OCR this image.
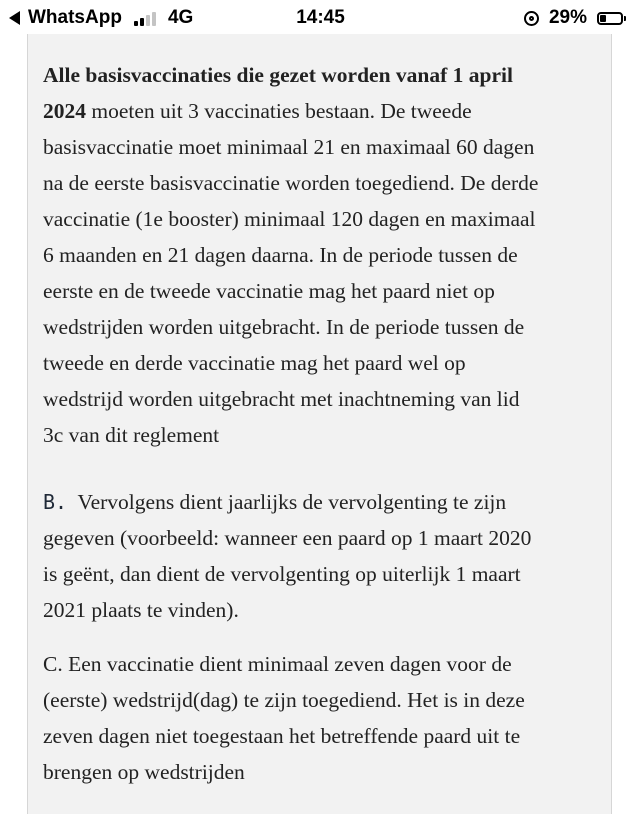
WhatsApp 4G	14:45	29%

Alle basisvaccinaties die gezet worden vanaf 1 april
2024 moeten uit 3 vaccinaties bestaan. De tweede
basisvaccinatie moet minimaal 21 en maximaal 60 dagen
na de eerste basisvaccinatie worden toegediend. De derde
vaccinatie (1e booster) minimaal 120 dagen en maximaal
6 maanden en 21 dagen daarna. In de periode tussen de
eerste en de tweede vaccinatie mag het paard niet op
wedstrijden worden uitgebracht. In de periode tussen de
tweede en derde vaccinatie mag het paard wel op
wedstrijd worden uitgebracht met inachtneming van lid
3c van dit reglement

B.  Vervolgens dient jaarlijks de vervolgenting te zijn
gegeven (voorbeeld: wanneer een paard op 1 maart 2020
is geënt, dan dient de vervolgenting op uiterlijk 1 maart
2021 plaats te vinden).

C. Een vaccinatie dient minimaal zeven dagen voor de
(eerste) wedstrijd(dag) te zijn toegediend. Het is in deze
zeven dagen niet toegestaan het betreffende paard uit te
brengen op wedstrijden
